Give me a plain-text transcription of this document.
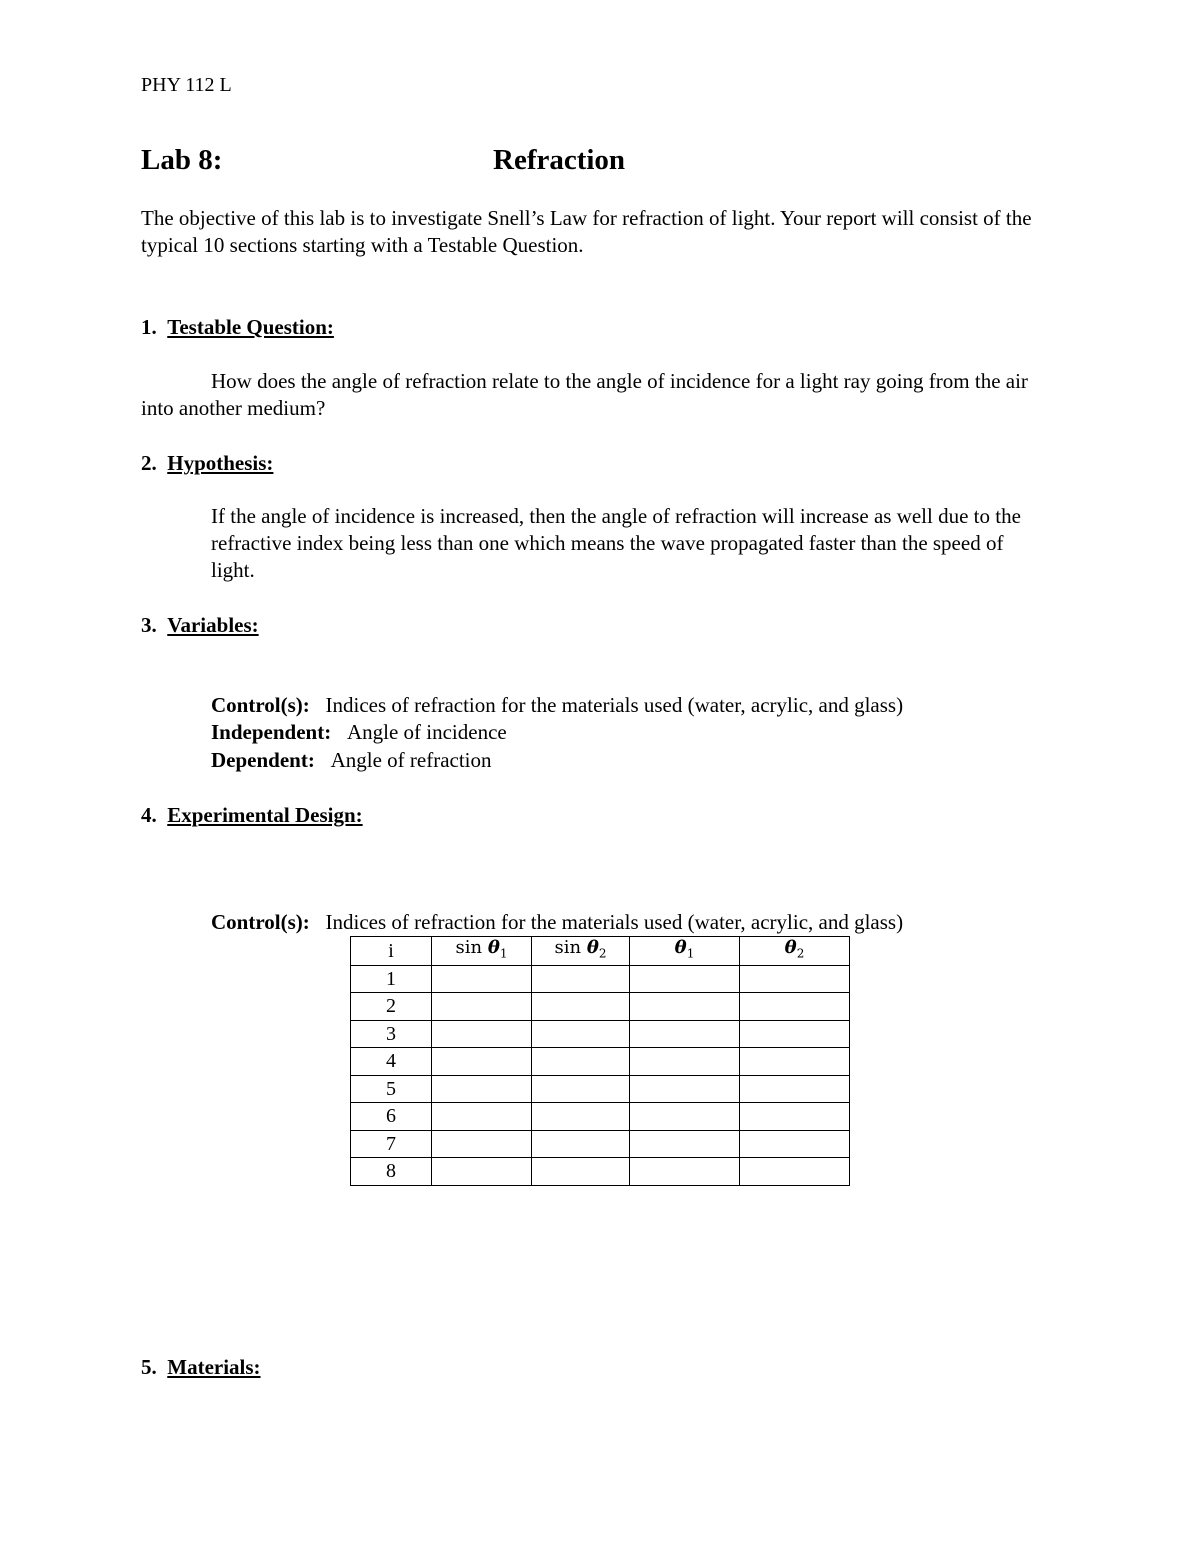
PHY 112 L
Lab 8:	Refraction
The objective of this lab is to investigate Snell’s Law for refraction of light. Your report will consist of the typical 10 sections starting with a Testable Question.
1. Testable Question:
How does the angle of refraction relate to the angle of incidence for a light ray going from the air into another medium?
2. Hypothesis:
If the angle of incidence is increased, then the angle of refraction will increase as well due to the refractive index being less than one which means the wave propagated faster than the speed of light.
3. Variables:
Control(s): Indices of refraction for the materials used (water, acrylic, and glass)
Independent: Angle of incidence
Dependent: Angle of refraction
4. Experimental Design:
Control(s): Indices of refraction for the materials used (water, acrylic, and glass)
i	$\sin \theta_1$	$\sin \theta_2$	$\theta_1$	$\theta_2$
1				
2				
3				
4				
5				
6				
7				
8				
5. Materials:
